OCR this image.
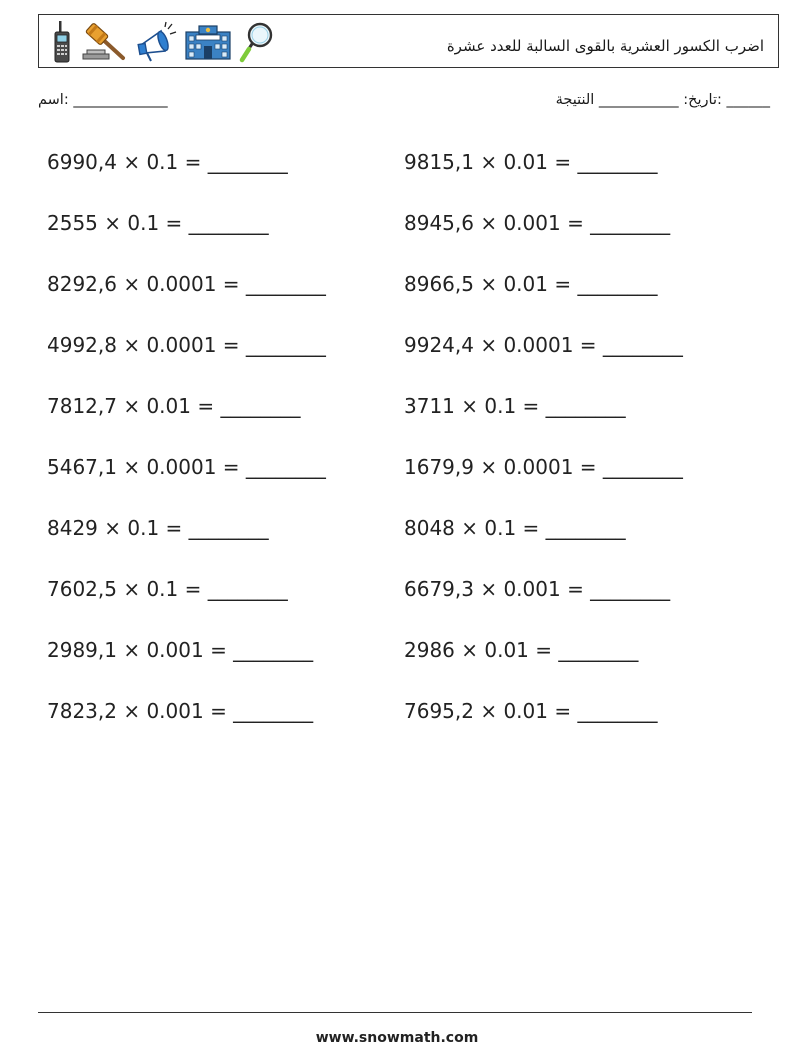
اضرب الكسور العشرية بالقوى السالبة للعدد عشرة
______ :تاريخ: ___________ النتيجة
_____________ :اسم
6990,4 × 0.1 = ________
2555 × 0.1 = ________
8292,6 × 0.0001 = ________
4992,8 × 0.0001 = ________
7812,7 × 0.01 = ________
5467,1 × 0.0001 = ________
8429 × 0.1 = ________
7602,5 × 0.1 = ________
2989,1 × 0.001 = ________
7823,2 × 0.001 = ________
9815,1 × 0.01 = ________
8945,6 × 0.001 = ________
8966,5 × 0.01 = ________
9924,4 × 0.0001 = ________
3711 × 0.1 = ________
1679,9 × 0.0001 = ________
8048 × 0.1 = ________
6679,3 × 0.001 = ________
2986 × 0.01 = ________
7695,2 × 0.01 = ________
www.snowmath.com
